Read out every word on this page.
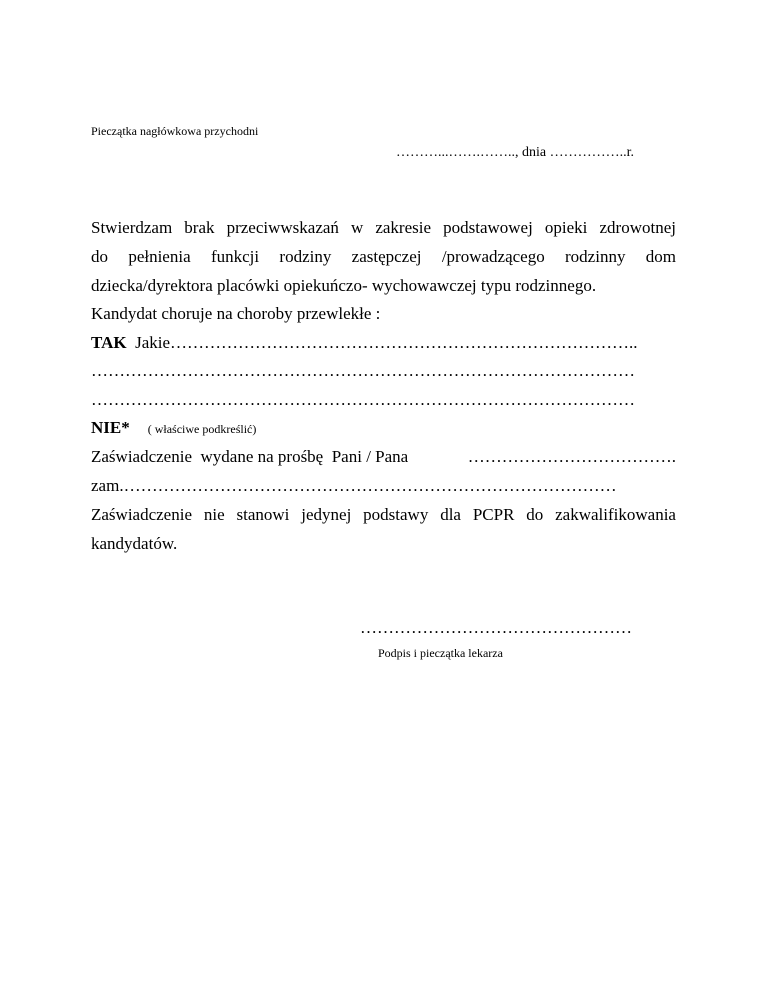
Pieczątka nagłówkowa przychodni
………...…….…….., dnia ……………..r.
Stwierdzam brak przeciwwskazań w zakresie podstawowej opieki zdrowotnej
do pełnienia funkcji rodziny zastępczej /prowadzącego rodzinny dom
dziecka/dyrektora placówki opiekuńczo- wychowawczej typu rodzinnego.
Kandydat choruje na choroby przewlekłe :
TAK Jakie………………………………………………………………………..
……………………………………………………………………………………
……………………………………………………………………………………
NIE* ( właściwe podkreślić)
Zaświadczenie  wydane na prośbę  Pani / Pana	……………………………….
zam.……………………………………………………………………………
Zaświadczenie nie stanowi jedynej podstawy dla PCPR do zakwalifikowania
kandydatów.
…………………………………………
Podpis i pieczątka lekarza
